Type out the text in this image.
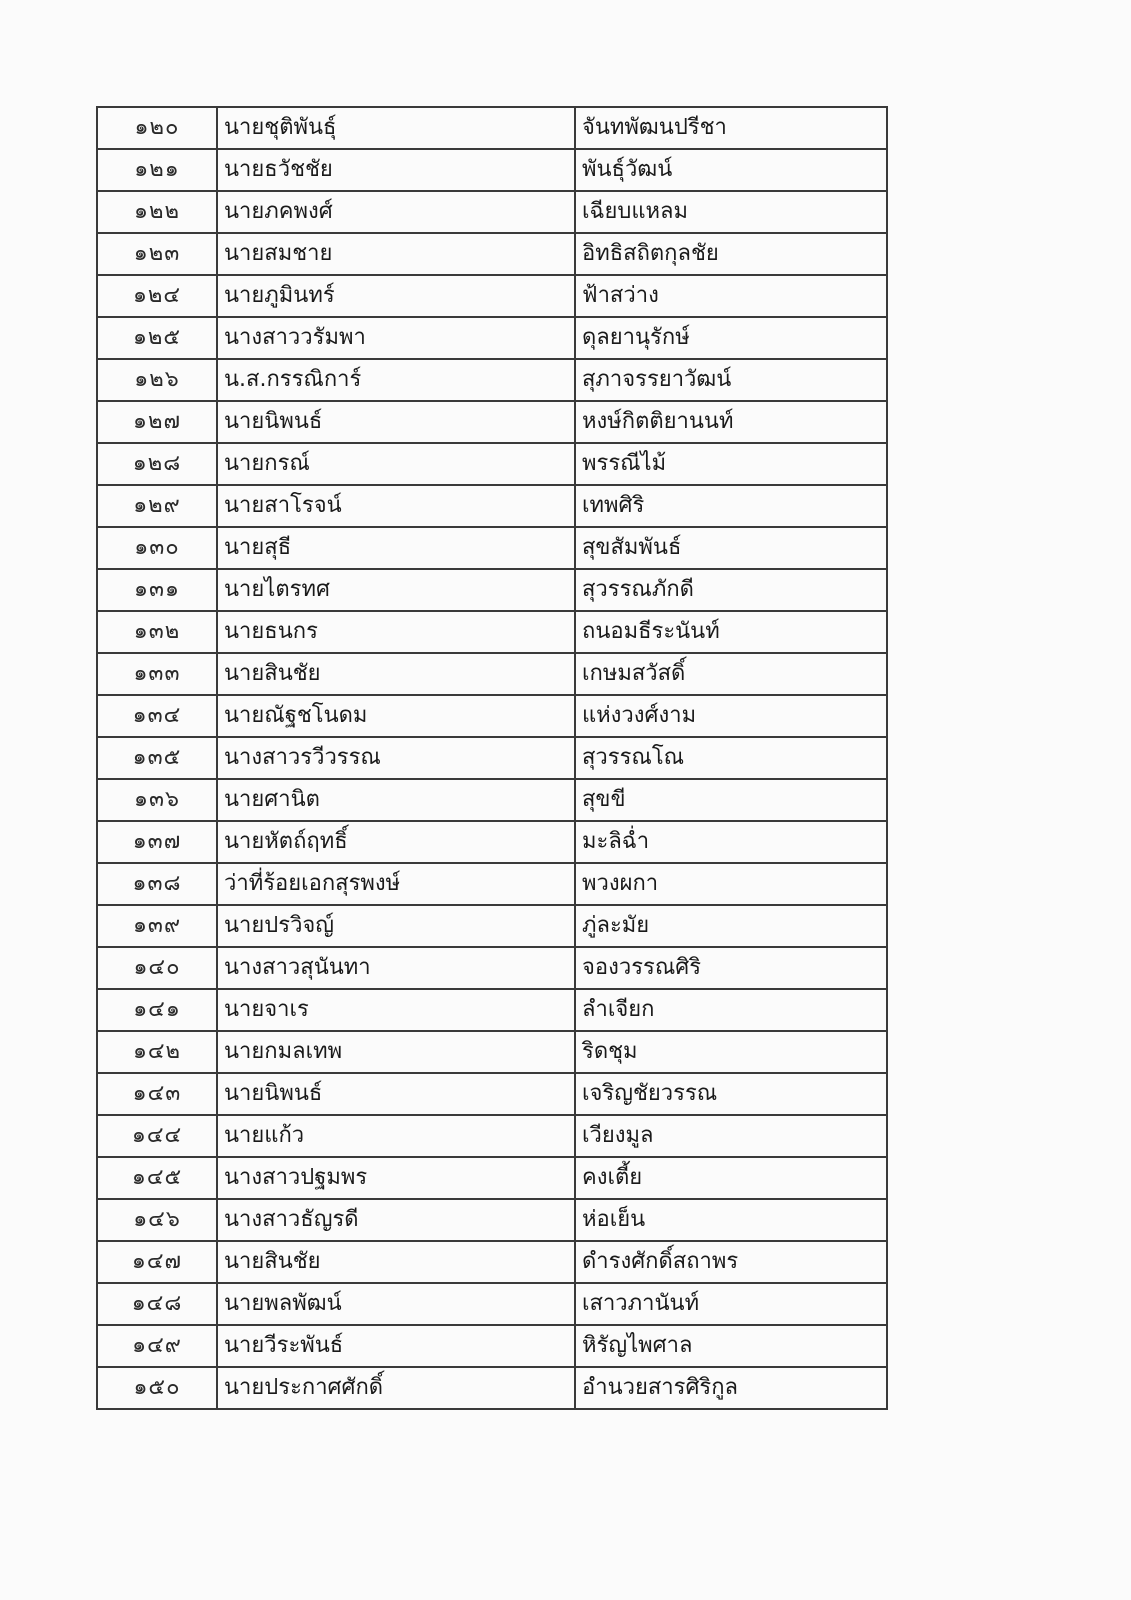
๑๒๐	นายชุติพันธุ์	จันทพัฒนปรีชา
๑๒๑	นายธวัชชัย	พันธุ์วัฒน์
๑๒๒	นายภคพงศ์	เฉียบแหลม
๑๒๓	นายสมชาย	อิทธิสถิตกุลชัย
๑๒๔	นายภูมินทร์	ฟ้าสว่าง
๑๒๕	นางสาววรัมพา	ดุลยานุรักษ์
๑๒๖	น.ส.กรรณิการ์	สุภาจรรยาวัฒน์
๑๒๗	นายนิพนธ์	หงษ์กิตติยานนท์
๑๒๘	นายกรณ์	พรรณีไม้
๑๒๙	นายสาโรจน์	เทพศิริ
๑๓๐	นายสุธี	สุขสัมพันธ์
๑๓๑	นายไตรทศ	สุวรรณภักดี
๑๓๒	นายธนกร	ถนอมธีระนันท์
๑๓๓	นายสินชัย	เกษมสวัสดิ์
๑๓๔	นายณัฐชโนดม	แห่งวงศ์งาม
๑๓๕	นางสาวรวีวรรณ	สุวรรณโณ
๑๓๖	นายศานิต	สุขขี
๑๓๗	นายหัตถ์ฤทธิ์	มะลิฉ่ำ
๑๓๘	ว่าที่ร้อยเอกสุรพงษ์	พวงผกา
๑๓๙	นายปรวิจญ์	ภู่ละมัย
๑๔๐	นางสาวสุนันทา	จองวรรณศิริ
๑๔๑	นายจาเร	ลำเจียก
๑๔๒	นายกมลเทพ	ริดชุม
๑๔๓	นายนิพนธ์	เจริญชัยวรรณ
๑๔๔	นายแก้ว	เวียงมูล
๑๔๕	นางสาวปฐมพร	คงเตี้ย
๑๔๖	นางสาวธัญรดี	ห่อเย็น
๑๔๗	นายสินชัย	ดำรงศักดิ์สถาพร
๑๔๘	นายพลพัฒน์	เสาวภานันท์
๑๔๙	นายวีระพันธ์	หิรัญไพศาล
๑๕๐	นายประกาศศักดิ์	อำนวยสารศิริกูล
